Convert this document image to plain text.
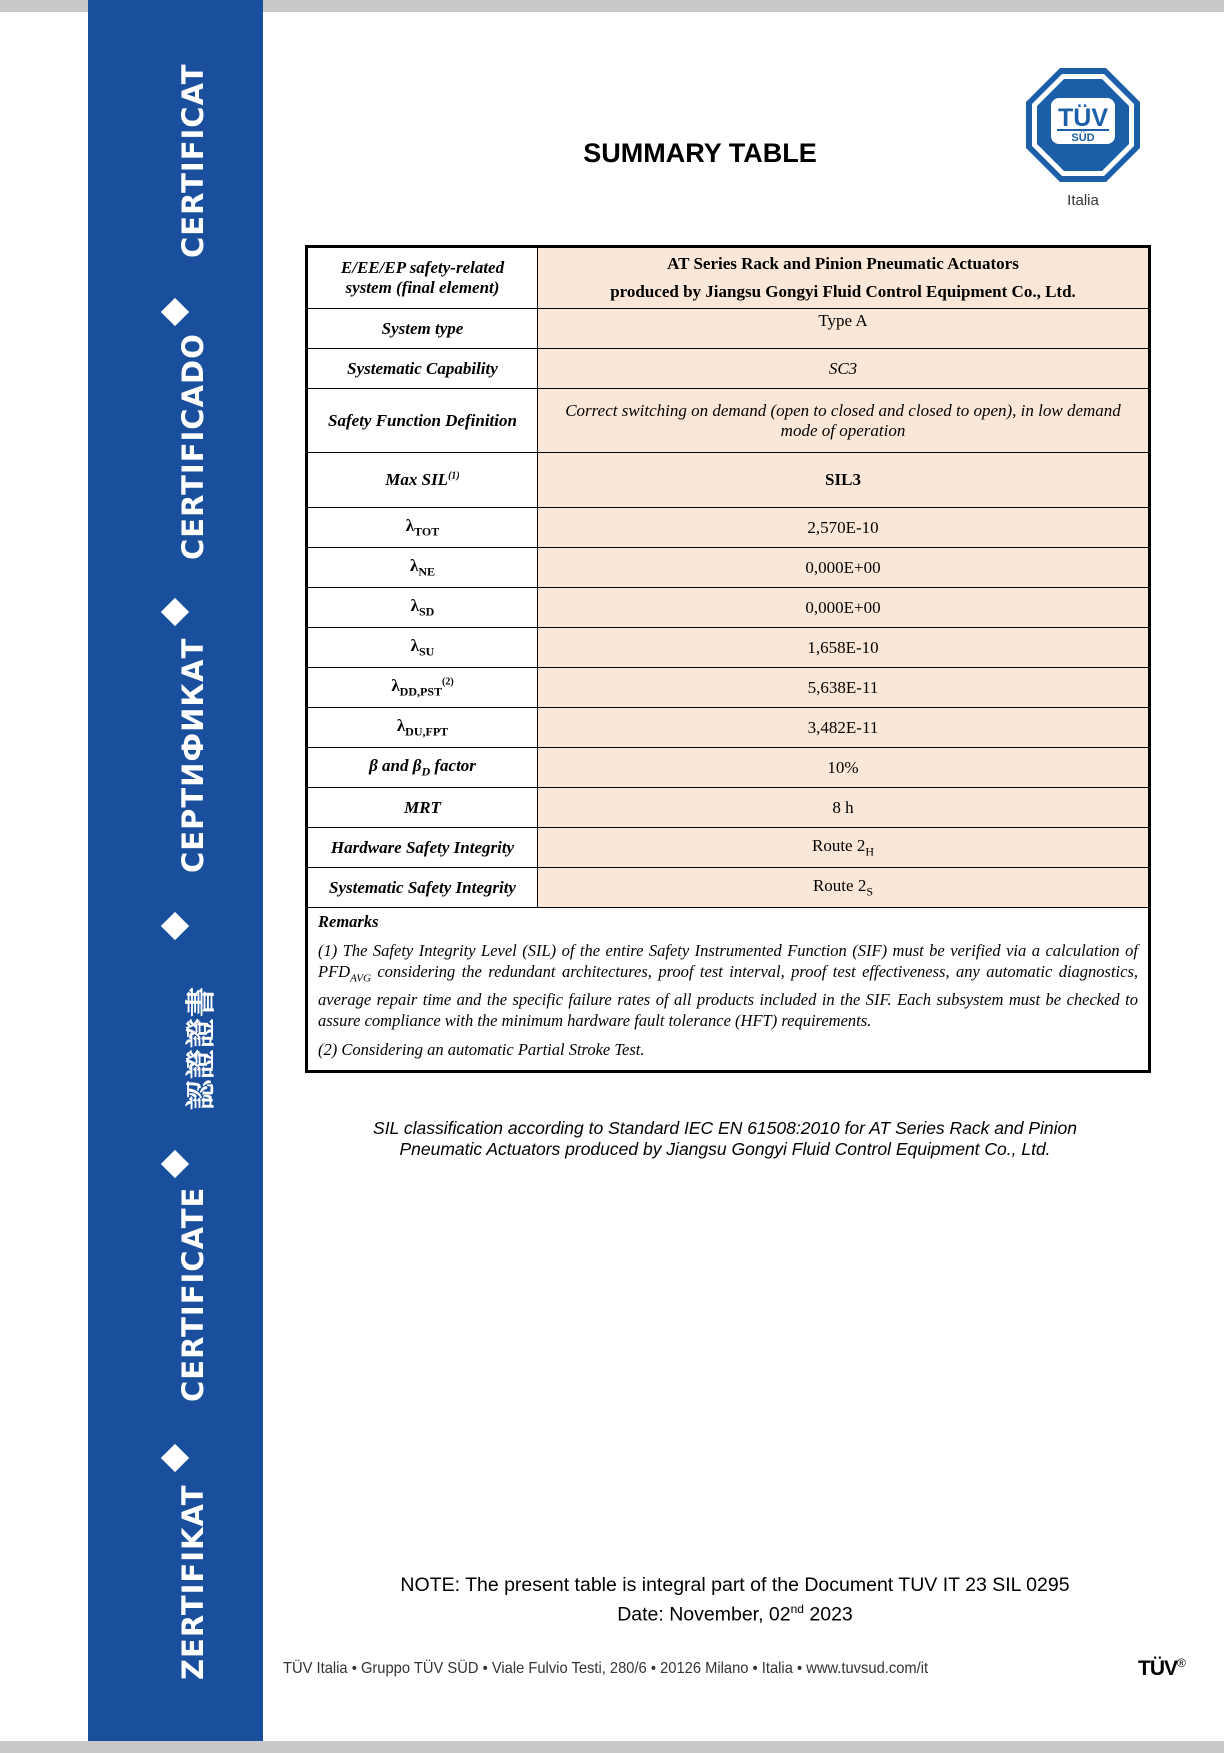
ZERTIFIKAT
CERTIFICATE
認證證書
СЕРТИФИКАТ
CERTIFICADO
CERTIFICAT	SUMMARY TABLE
TÜV
SÜD
Italia
E/EE/EP safety-related system (final element)	AT Series Rack and Pinion Pneumatic Actuators
produced by Jiangsu Gongyi Fluid Control Equipment Co., Ltd.

System type	Type A
Systematic Capability	SC3
Safety Function Definition	Correct switching on demand (open to closed and closed to open), in low demand mode of operation
Max SIL$^{(1)}$	SIL3
$\lambda_{TOT}$	2,570E-10
$\lambda_{NE}$	0,000E+00
$\lambda_{SD}$	0,000E+00
$\lambda_{SU}$	1,658E-10
$\lambda_{DD,PST}^{(2)}$	5,638E-11
$\lambda_{DU,FPT}$	3,482E-11
β and $\beta_D$ factor	10%
MRT	8 h
Hardware Safety Integrity	Route $2_H$
Systematic Safety Integrity	Route $2_S$

Remarks

(1) The Safety Integrity Level (SIL) of the entire Safety Instrumented Function (SIF) must be verified via a calculation of $PFD_{AVG}$ considering the redundant architectures, proof test interval, proof test effectiveness, any automatic diagnostics, average repair time and the specific failure rates of all products included in the SIF. Each subsystem must be checked to assure compliance with the minimum hardware fault tolerance (HFT) requirements.

(2) Considering an automatic Partial Stroke Test.	

SIL classification according to Standard IEC EN 61508:2010 for AT Series Rack and Pinion
Pneumatic Actuators produced by Jiangsu Gongyi Fluid Control Equipment Co., Ltd.
NOTE: The present table is integral part of the Document TUV IT 23 SIL 0295
Date: November, 02nd 2023
TÜV Italia • Gruppo TÜV SÜD • Viale Fulvio Testi, 280/6 • 20126 Milano • Italia • www.tuvsud.com/it	TÜV®
